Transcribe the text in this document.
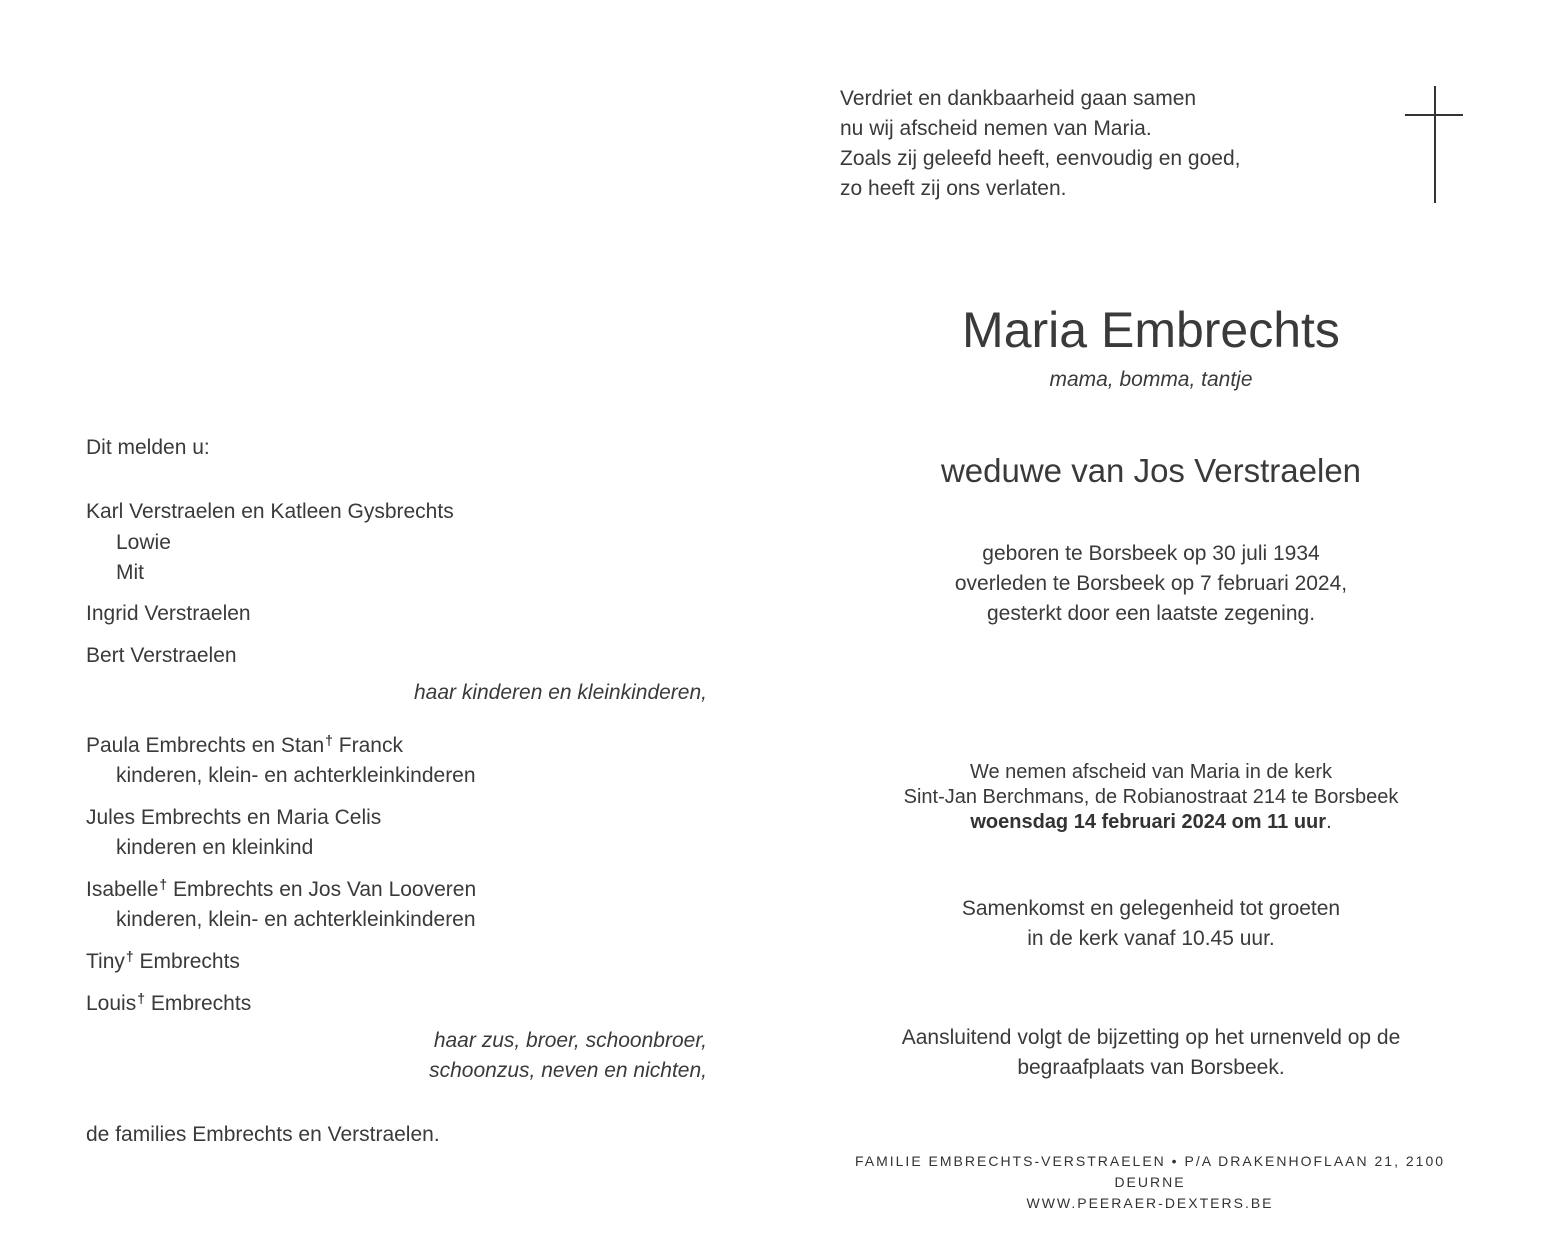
Verdriet en dankbaarheid gaan samen
nu wij afscheid nemen van Maria.
Zoals zij geleefd heeft, eenvoudig en goed,
zo heeft zij ons verlaten.
Maria Embrechts
mama, bomma, tantje
weduwe van Jos Verstraelen
geboren te Borsbeek op 30 juli 1934
overleden te Borsbeek op 7 februari 2024,
gesterkt door een laatste zegening.
We nemen afscheid van Maria in de kerk
Sint-Jan Berchmans, de Robianostraat 214 te Borsbeek
woensdag 14 februari 2024 om 11 uur.
Samenkomst en gelegenheid tot groeten
in de kerk vanaf 10.45 uur.
Aansluitend volgt de bijzetting op het urnenveld op de
begraafplaats van Borsbeek.
FAMILIE EMBRECHTS-VERSTRAELEN • P/A DRAKENHOFLAAN 21, 2100 DEURNE
WWW.PEERAER-DEXTERS.BE
Dit melden u:
Karl Verstraelen en Katleen Gysbrechts
Lowie
Mit
Ingrid Verstraelen
Bert Verstraelen
haar kinderen en kleinkinderen,
Paula Embrechts en Stan† Franck
kinderen, klein- en achterkleinkinderen
Jules Embrechts en Maria Celis
kinderen en kleinkind
Isabelle† Embrechts en Jos Van Looveren
kinderen, klein- en achterkleinkinderen
Tiny† Embrechts
Louis† Embrechts
haar zus, broer, schoonbroer,
schoonzus, neven en nichten,
de families Embrechts en Verstraelen.
